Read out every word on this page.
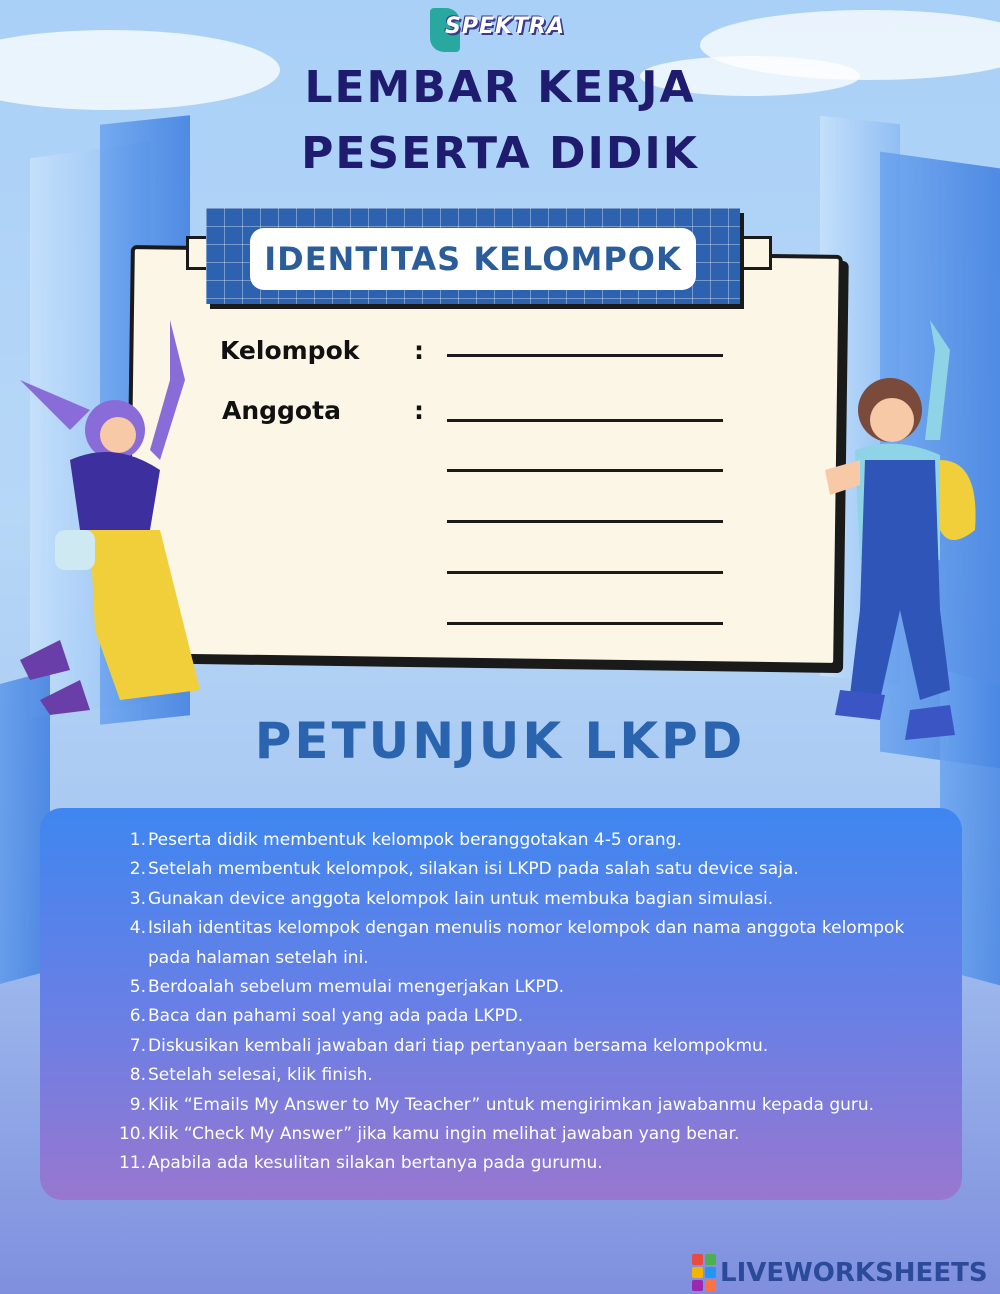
SPEKTRA
LEMBAR KERJA
PESERTA DIDIK
IDENTITAS KELOMPOK
Kelompok :
Anggota	:
PETUNJUK LKPD
1. Peserta didik membentuk kelompok beranggotakan 4-5 orang.
2. Setelah membentuk kelompok, silakan isi LKPD pada salah satu device saja.
3. Gunakan device anggota kelompok lain untuk membuka bagian simulasi.
4. Isilah identitas kelompok dengan menulis nomor kelompok dan nama anggota kelompok pada halaman setelah ini.
5. Berdoalah sebelum memulai mengerjakan LKPD.
6. Baca dan pahami soal yang ada pada LKPD.
7. Diskusikan kembali jawaban dari tiap pertanyaan bersama kelompokmu.
8. Setelah selesai, klik finish.
9. Klik “Emails My Answer to My Teacher” untuk mengirimkan jawabanmu kepada guru.
10. Klik “Check My Answer” jika kamu ingin melihat jawaban yang benar.
11. Apabila ada kesulitan silakan bertanya pada gurumu.
LIVEWORKSHEETS
